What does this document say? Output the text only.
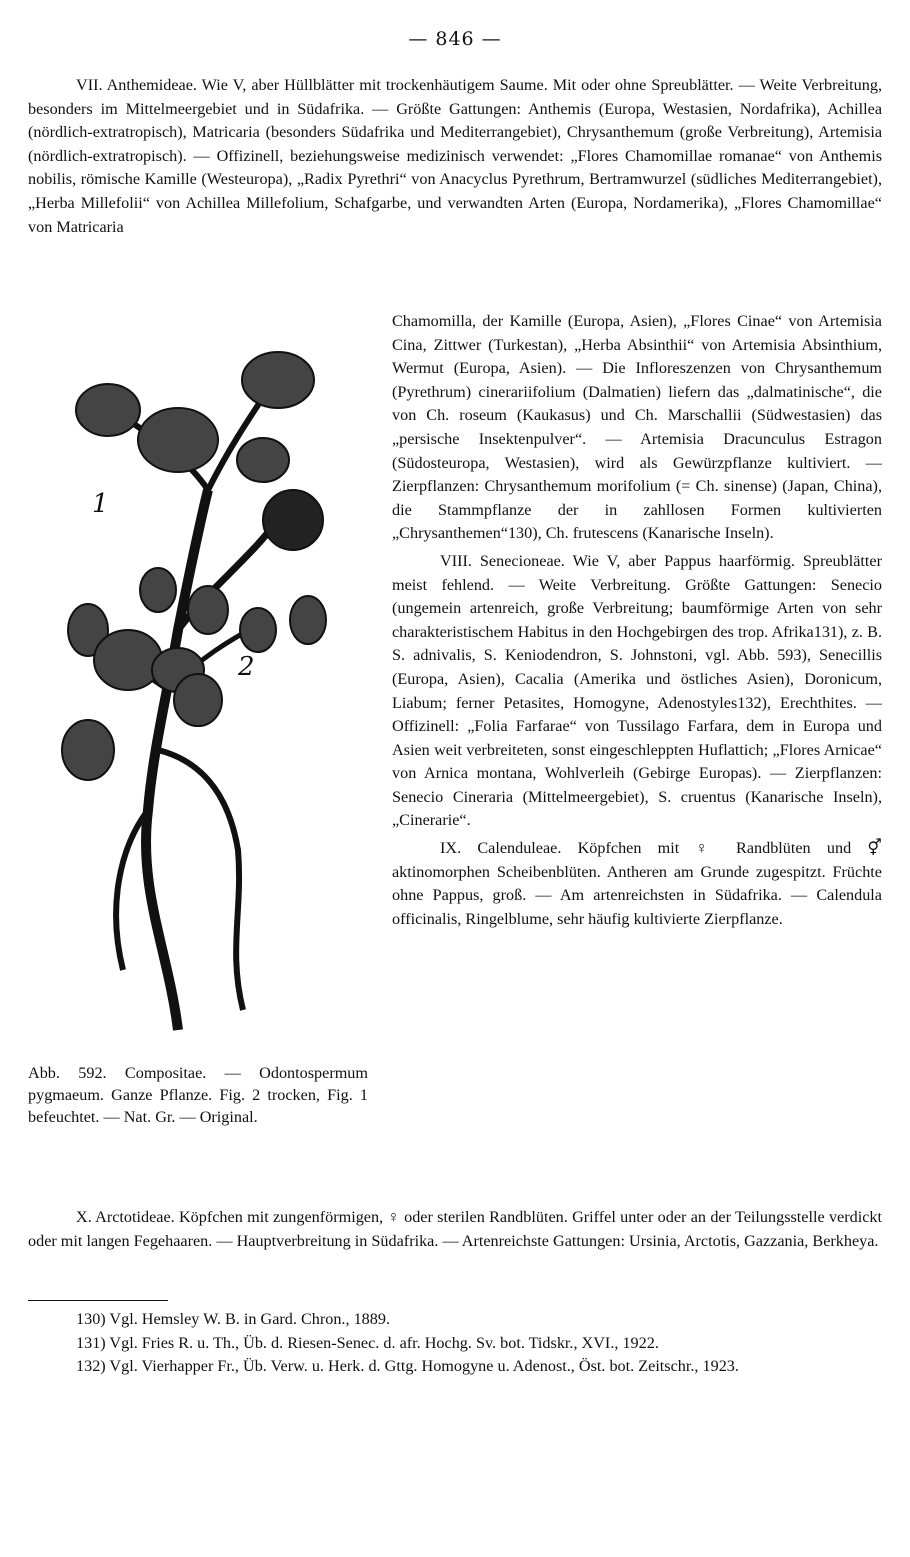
— 846 —

VII. Anthemideae. Wie V, aber Hüllblätter mit trockenhäutigem Saume. Mit oder ohne Spreublätter. — Weite Verbreitung, besonders im Mittelmeergebiet und in Südafrika. — Größte Gattungen: Anthemis (Europa, Westasien, Nordafrika), Achillea (nördlich-extratropisch), Matricaria (besonders Südafrika und Mediterrangebiet), Chrysanthemum (große Verbreitung), Artemisia (nördlich-extratropisch). — Offizinell, beziehungsweise medizinisch verwendet: „Flores Chamomillae romanae“ von Anthemis nobilis, römische Kamille (Westeuropa), „Radix Pyrethri“ von Anacyclus Pyrethrum, Bertramwurzel (südliches Mediterrangebiet), „Herba Millefolii“ von Achillea Millefolium, Schafgarbe, und verwandten Arten (Europa, Nordamerika), „Flores Chamomillae“ von Matricaria

Chamomilla, der Kamille (Europa, Asien), „Flores Cinae“ von Artemisia Cina, Zittwer (Turkestan), „Herba Absinthii“ von Artemisia Absinthium, Wermut (Europa, Asien). — Die Infloreszenzen von Chrysanthemum (Pyrethrum) cinerariifolium (Dalmatien) liefern das „dalmatinische“, die von Ch. roseum (Kaukasus) und Ch. Marschallii (Südwestasien) das „persische Insektenpulver“. — Artemisia Dracunculus Estragon (Südosteuropa, Westasien), wird als Gewürzpflanze kultiviert. — Zierpflanzen: Chrysanthemum morifolium (= Ch. sinense) (Japan, China), die Stammpflanze der in zahllosen Formen kultivierten „Chrysanthemen“130), Ch. frutescens (Kanarische Inseln).

VIII. Senecioneae. Wie V, aber Pappus haarförmig. Spreublätter meist fehlend. — Weite Verbreitung. Größte Gattungen: Senecio (ungemein artenreich, große Verbreitung; baumförmige Arten von sehr charakteristischem Habitus in den Hochgebirgen des trop. Afrika131), z. B. S. adnivalis, S. Keniodendron, S. Johnstoni, vgl. Abb. 593), Senecillis (Europa, Asien), Cacalia (Amerika und östliches Asien), Doronicum, Liabum; ferner Petasites, Homogyne, Adenostyles132), Erechthites. — Offizinell: „Folia Farfarae“ von Tussilago Farfara, dem in Europa und Asien weit verbreiteten, sonst eingeschleppten Huflattich; „Flores Arnicae“ von Arnica montana, Wohlverleih (Gebirge Europas). — Zierpflanzen: Senecio Cineraria (Mittelmeergebiet), S. cruentus (Kanarische Inseln), „Cinerarie“.

IX. Calenduleae. Köpfchen mit ♀ Randblüten und ⚥ aktinomorphen Scheibenblüten. Antheren am Grunde zugespitzt. Früchte ohne Pappus, groß. — Am artenreichsten in Südafrika. — Calendula officinalis, Ringelblume, sehr häufig kultivierte Zierpflanze.

1
2
Abb. 592. Compositae. — Odontospermum pygmaeum. Ganze Pflanze. Fig. 2 trocken, Fig. 1 befeuchtet. — Nat. Gr. — Original.

X. Arctotideae. Köpfchen mit zungenförmigen, ♀ oder sterilen Randblüten. Griffel unter oder an der Teilungsstelle verdickt oder mit langen Fegehaaren. — Hauptverbreitung in Südafrika. — Artenreichste Gattungen: Ursinia, Arctotis, Gazzania, Berkheya.

130) Vgl. Hemsley W. B. in Gard. Chron., 1889.

131) Vgl. Fries R. u. Th., Üb. d. Riesen-Senec. d. afr. Hochg. Sv. bot. Tidskr., XVI., 1922.

132) Vgl. Vierhapper Fr., Üb. Verw. u. Herk. d. Gttg. Homogyne u. Adenost., Öst. bot. Zeitschr., 1923.
